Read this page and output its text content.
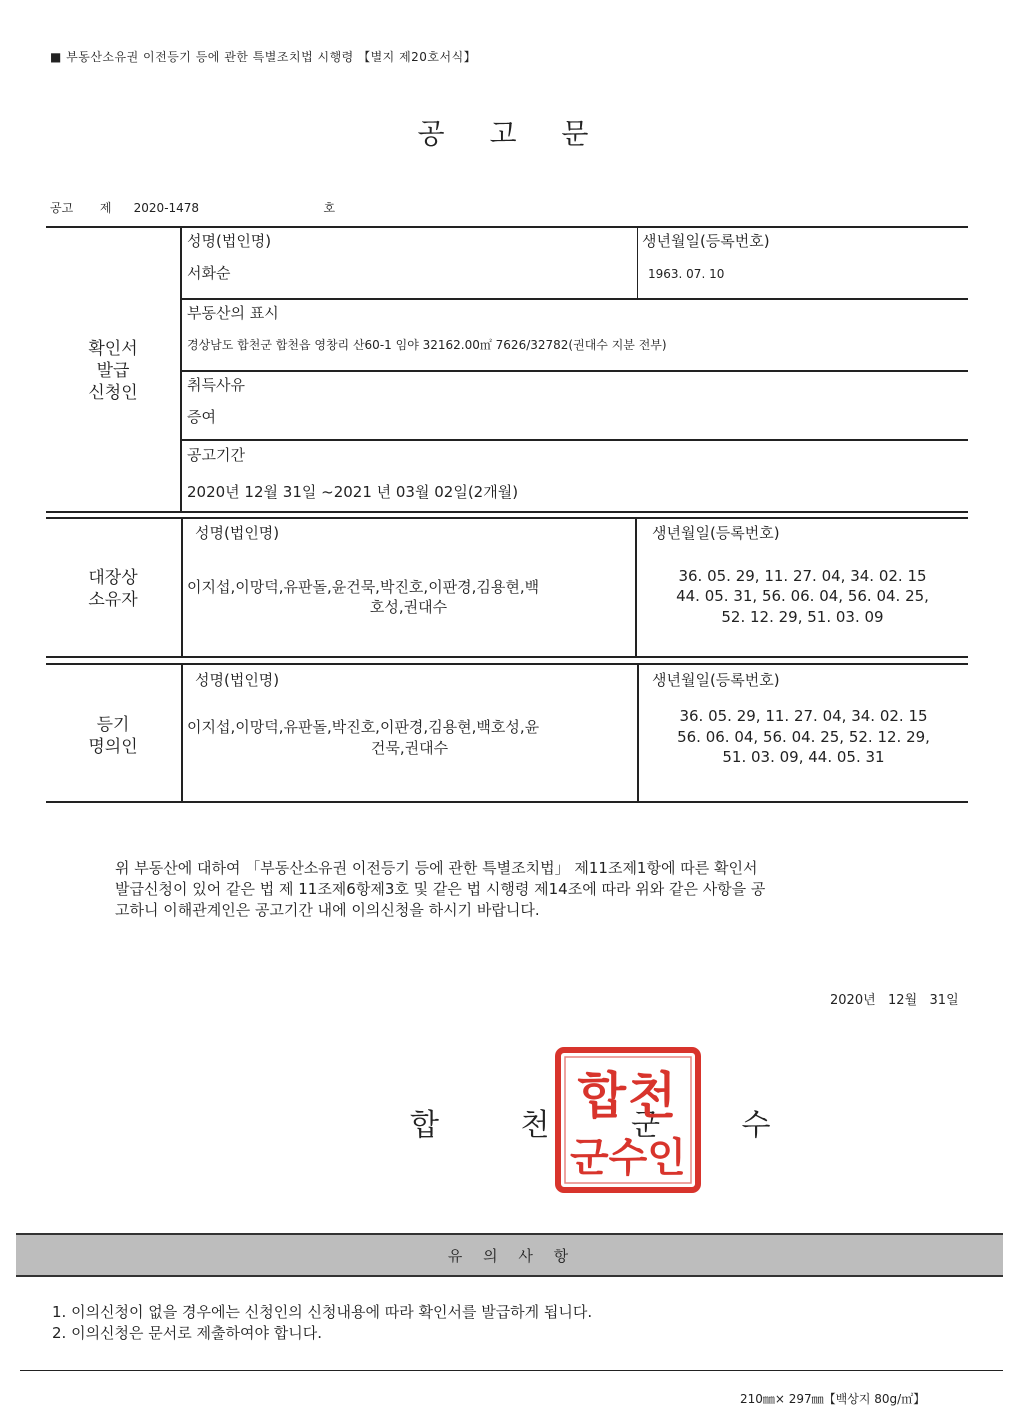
■ 부동산소유권 이전등기 등에 관한 특별조치법 시행령 【별지 제20호서식】
공 고 문
공고 제 2020-1478	호
확인서
발급
신청인
성명(법인명)
서화순
생년월일(등록번호)
1963. 07. 10
부동산의 표시
경상남도 합천군 합천읍 영창리 산60-1 임야 32162.00㎡ 7626/32782(권대수 지분 전부)
취득사유
증여
공고기간
2020년 12월 31일 ~2021 년 03월 02일(2개월)
대장상
소유자
성명(법인명)
이지섭,이망덕,유판돌,윤건묵,박진호,이판경,김용현,백
호성,권대수
생년월일(등록번호)
36. 05. 29, 11. 27. 04, 34. 02. 15
44. 05. 31, 56. 06. 04, 56. 04. 25,
52. 12. 29, 51. 03. 09
등기
명의인
성명(법인명)
이지섭,이망덕,유판돌,박진호,이판경,김용현,백호성,윤
건묵,권대수
생년월일(등록번호)
36. 05. 29, 11. 27. 04, 34. 02. 15
56. 06. 04, 56. 04. 25, 52. 12. 29,
51. 03. 09, 44. 05. 31
위 부동산에 대하여 「부동산소유권 이전등기 등에 관한 특별조치법」 제11조제1항에 따른 확인서
발급신청이 있어 같은 법 제 11조제6항제3호 및 같은 법 시행령 제14조에 따라 위와 같은 사항을 공
고하니 이해관계인은 공고기간 내에 이의신청을 하시기 바랍니다.
2020년   12월   31일
합 천 군 수
합천
군수인
유 의 사 항
1. 이의신청이 없을 경우에는 신청인의 신청내용에 따라 확인서를 발급하게 됩니다.
2. 이의신청은 문서로 제출하여야 합니다.
210㎜× 297㎜【백상지 80g/㎡】
